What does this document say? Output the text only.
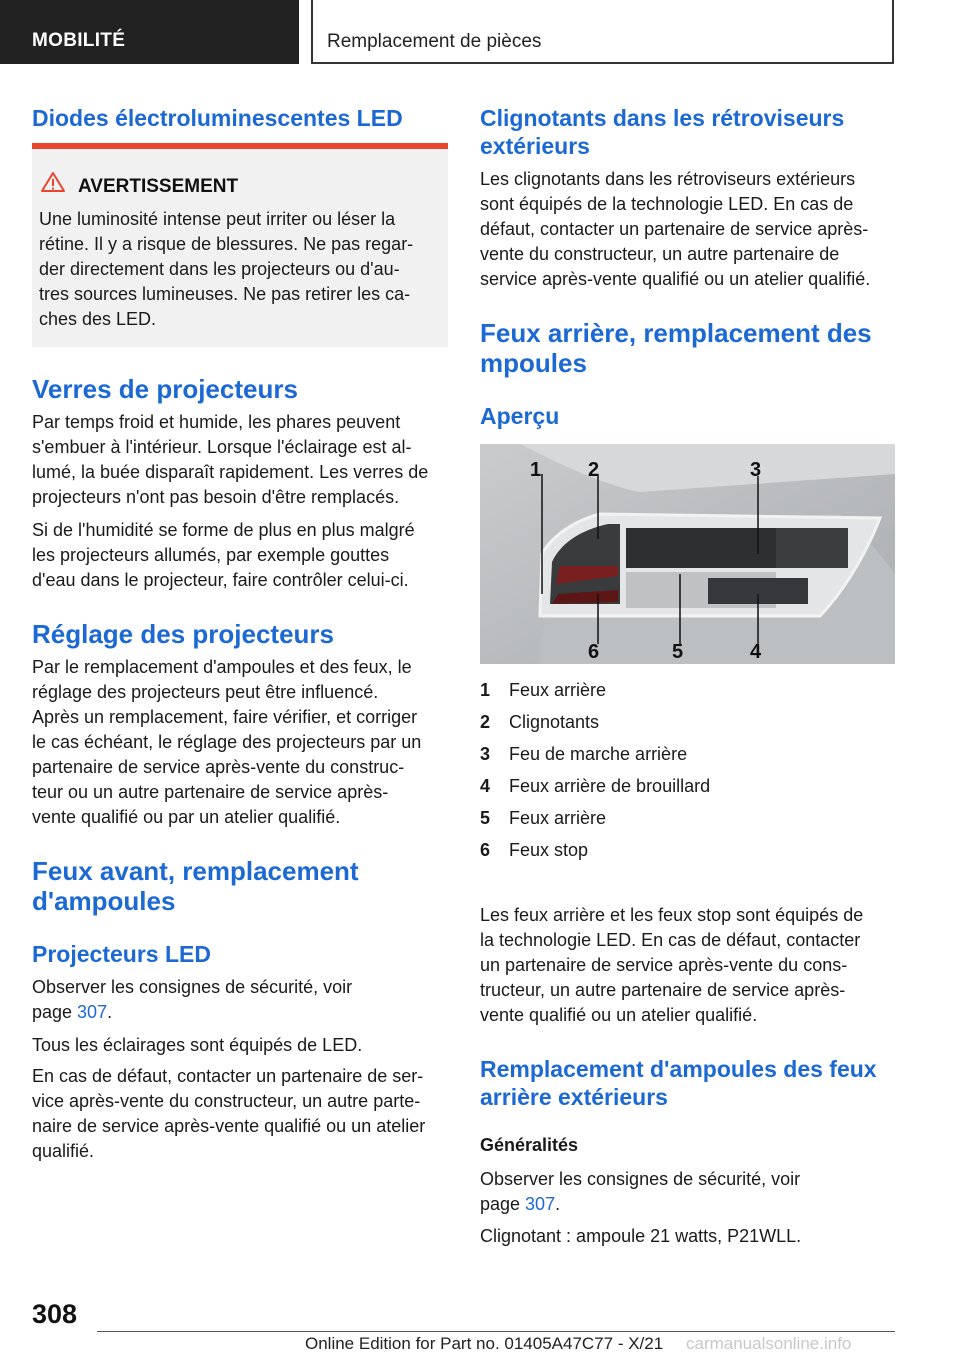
MOBILITÉ	Remplacement de pièces
Diodes électroluminescentes LED
AVERTISSEMENT
Une luminosité intense peut irriter ou léser la
rétine. Il y a risque de blessures. Ne pas regar-
der directement dans les projecteurs ou d'au-
tres sources lumineuses. Ne pas retirer les ca-
ches des LED.
Verres de projecteurs

Par temps froid et humide, les phares peuvent
s'embuer à l'intérieur. Lorsque l'éclairage est al-
lumé, la buée disparaît rapidement. Les verres de
projecteurs n'ont pas besoin d'être remplacés.

Si de l'humidité se forme de plus en plus malgré
les projecteurs allumés, par exemple gouttes
d'eau dans le projecteur, faire contrôler celui-ci.

Réglage des projecteurs

Par le remplacement d'ampoules et des feux, le
réglage des projecteurs peut être influencé.
Après un remplacement, faire vérifier, et corriger
le cas échéant, le réglage des projecteurs par un
partenaire de service après-vente du construc-
teur ou un autre partenaire de service après-
vente qualifié ou par un atelier qualifié.

Feux avant, remplacement
d'ampoules
Projecteurs LED

Observer les consignes de sécurité, voir
page 307.

Tous les éclairages sont équipés de LED.

En cas de défaut, contacter un partenaire de ser-
vice après-vente du constructeur, un autre parte-
naire de service après-vente qualifié ou un atelier
qualifié.

Clignotants dans les rétroviseurs
extérieurs

Les clignotants dans les rétroviseurs extérieurs
sont équipés de la technologie LED. En cas de
défaut, contacter un partenaire de service après-
vente du constructeur, un autre partenaire de
service après-vente qualifié ou un atelier qualifié.

Feux arrière, remplacement des
mpoules
Aperçu
1 2	3
6	5	4
1 Feux arrière
2 Clignotants
3 Feu de marche arrière
4 Feux arrière de brouillard
5 Feux arrière
6 Feux stop

Les feux arrière et les feux stop sont équipés de
la technologie LED. En cas de défaut, contacter
un partenaire de service après-vente du cons-
tructeur, un autre partenaire de service après-
vente qualifié ou un atelier qualifié.

Remplacement d'ampoules des feux
arrière extérieurs
Généralités

Observer les consignes de sécurité, voir
page 307.

Clignotant : ampoule 21 watts, P21WLL.

308
Online Edition for Part no. 01405A47C77 - X/21 carmanualsonline.info
